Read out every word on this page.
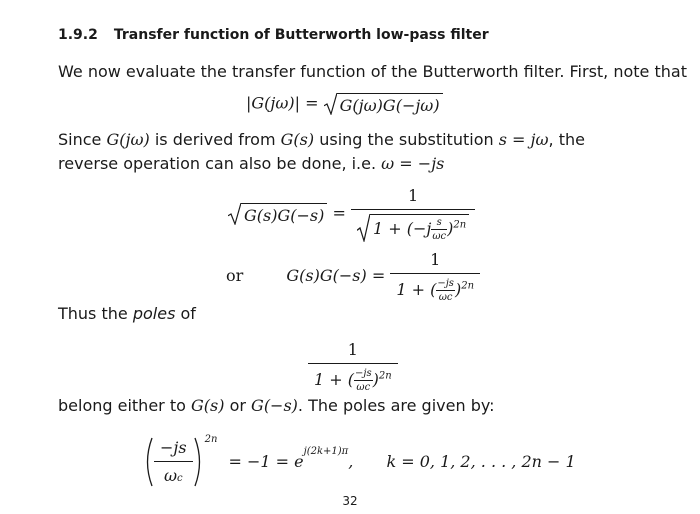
1.9.2 Transfer function of Butterworth low-pass filter
We now evaluate the transfer function of the Butterworth filter. First, note that
|G(jω)| = G(jω)G(−jω)
Since G(jω) is derived from G(s) using the substitution s = jω, the reverse operation can also be done, i.e. ω = −js
$G(s)G(-s) = \frac{1}{1 + (-j \frac{s}{\omega c} )^{2n}}$
or	$G(s)G(-s) = \frac{1}{1 + ( \frac{-js}{\omega c} )^{2n}}$
Thus the poles of
$\frac{1}{1 + ( \frac{-js}{\omega c} )^{2n}}$
belong either to G(s) or G(−s). The poles are given by:
$\frac{-js}{\omega c} ^{2n} = -1 = e^{j(2k+1)\pi}$, k = 0, 1, 2, . . . , 2n − 1
32
